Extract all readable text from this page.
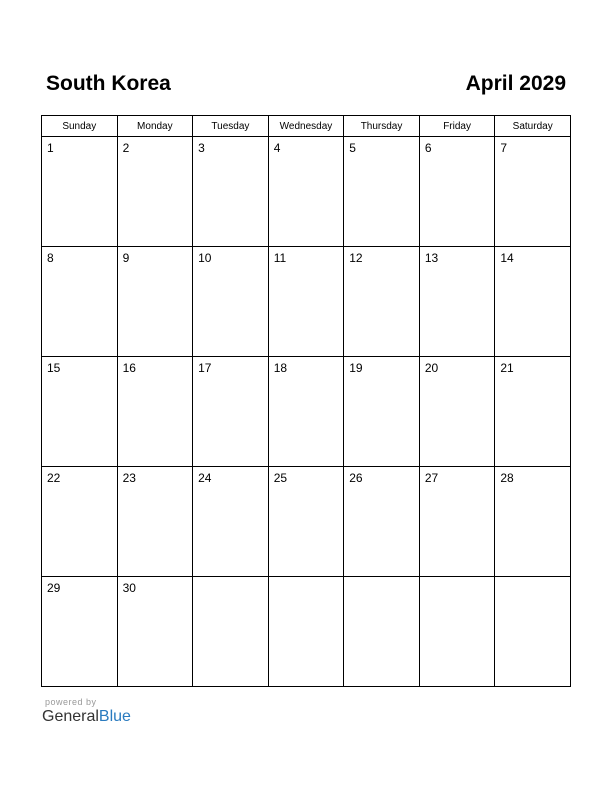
South Korea	April 2029
Sunday	Monday	Tuesday	Wednesday	Thursday	Friday	Saturday

1	2	3	4	5	6	7

8	9	10	11	12	13	14

15	16	17	18	19	20	21

22	23	24	25	26	27	28

29	30					

powered by
GeneralBlue
